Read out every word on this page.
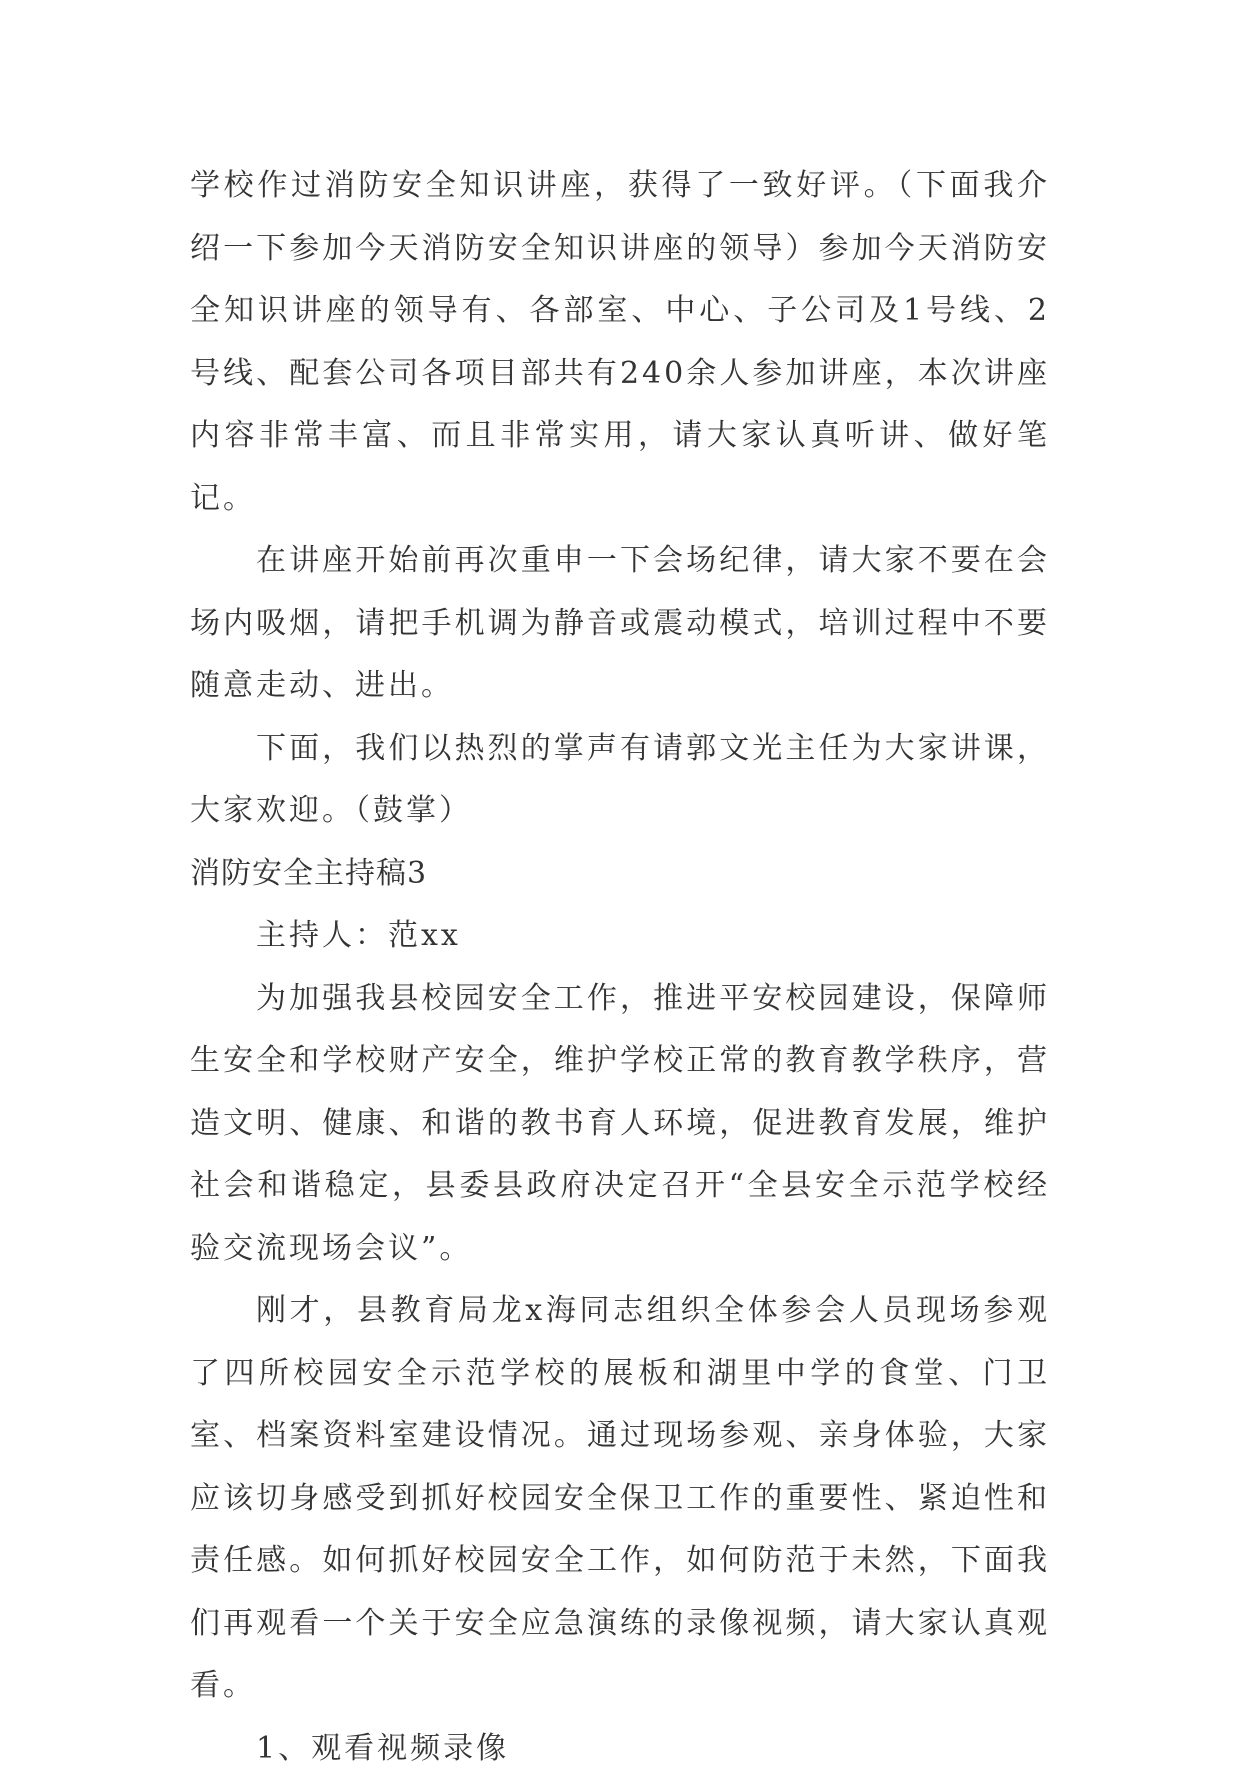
学校作过消防安全知识讲座，获得了一致好评。（下面我介绍一下参加今天消防安全知识讲座的领导）参加今天消防安全知识讲座的领导有、各部室、中心、子公司及1号线、2号线、配套公司各项目部共有240余人参加讲座，本次讲座内容非常丰富、而且非常实用，请大家认真听讲、做好笔记。

在讲座开始前再次重申一下会场纪律，请大家不要在会场内吸烟，请把手机调为静音或震动模式，培训过程中不要随意走动、进出。

下面，我们以热烈的掌声有请郭文光主任为大家讲课，大家欢迎。（鼓掌）

消防安全主持稿3

主持人：范xx

为加强我县校园安全工作，推进平安校园建设，保障师生安全和学校财产安全，维护学校正常的教育教学秩序，营造文明、健康、和谐的教书育人环境，促进教育发展，维护社会和谐稳定，县委县政府决定召开“全县安全示范学校经验交流现场会议”。

刚才，县教育局龙x海同志组织全体参会人员现场参观了四所校园安全示范学校的展板和湖里中学的食堂、门卫室、档案资料室建设情况。通过现场参观、亲身体验，大家应该切身感受到抓好校园安全保卫工作的重要性、紧迫性和责任感。如何抓好校园安全工作，如何防范于未然，下面我们再观看一个关于安全应急演练的录像视频，请大家认真观看。

1、观看视频录像
